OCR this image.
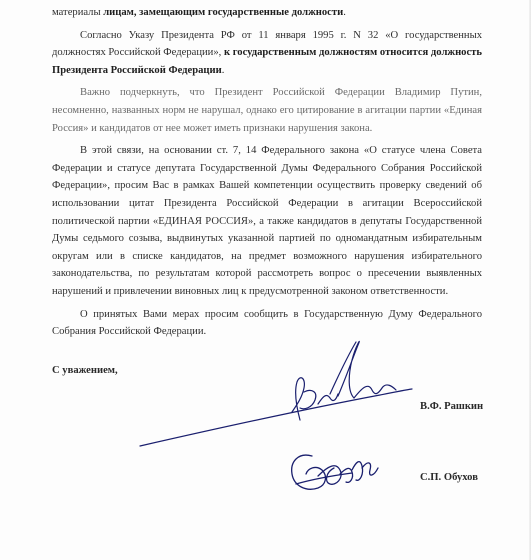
материалы лицам, замещающим государственные должности.

Согласно Указу Президента РФ от 11 января 1995 г. N 32 «О государственных должностях Российской Федерации», к государственным должностям относится должность Президента Российской Федерации.

Важно подчеркнуть, что Президент Российской Федерации Владимир Путин, несомненно, названных норм не нарушал, однако его цитирование в агитации партии «Единая Россия» и кандидатов от нее может иметь признаки нарушения закона.

В этой связи, на основании ст. 7, 14 Федерального закона «О статусе члена Совета Федерации и статусе депутата Государственной Думы Федерального Собрания Российской Федерации», просим Вас в рамках Вашей компетенции осуществить проверку сведений об использовании цитат Президента Российской Федерации в агитации Всероссийской политической партии «ЕДИНАЯ РОССИЯ», а также кандидатов в депутаты Государственной Думы седьмого созыва, выдвинутых указанной партией по одномандатным избирательным округам или в списке кандидатов, на предмет возможного нарушения избирательного законодательства, по результатам которой рассмотреть вопрос о пресечении выявленных нарушений и привлечении виновных лиц к предусмотренной законом ответственности.

О принятых Вами мерах просим сообщить в Государственную Думу Федерального Собрания Российской Федерации.

С уважением,
В.Ф. Рашкин
С.П. Обухов
